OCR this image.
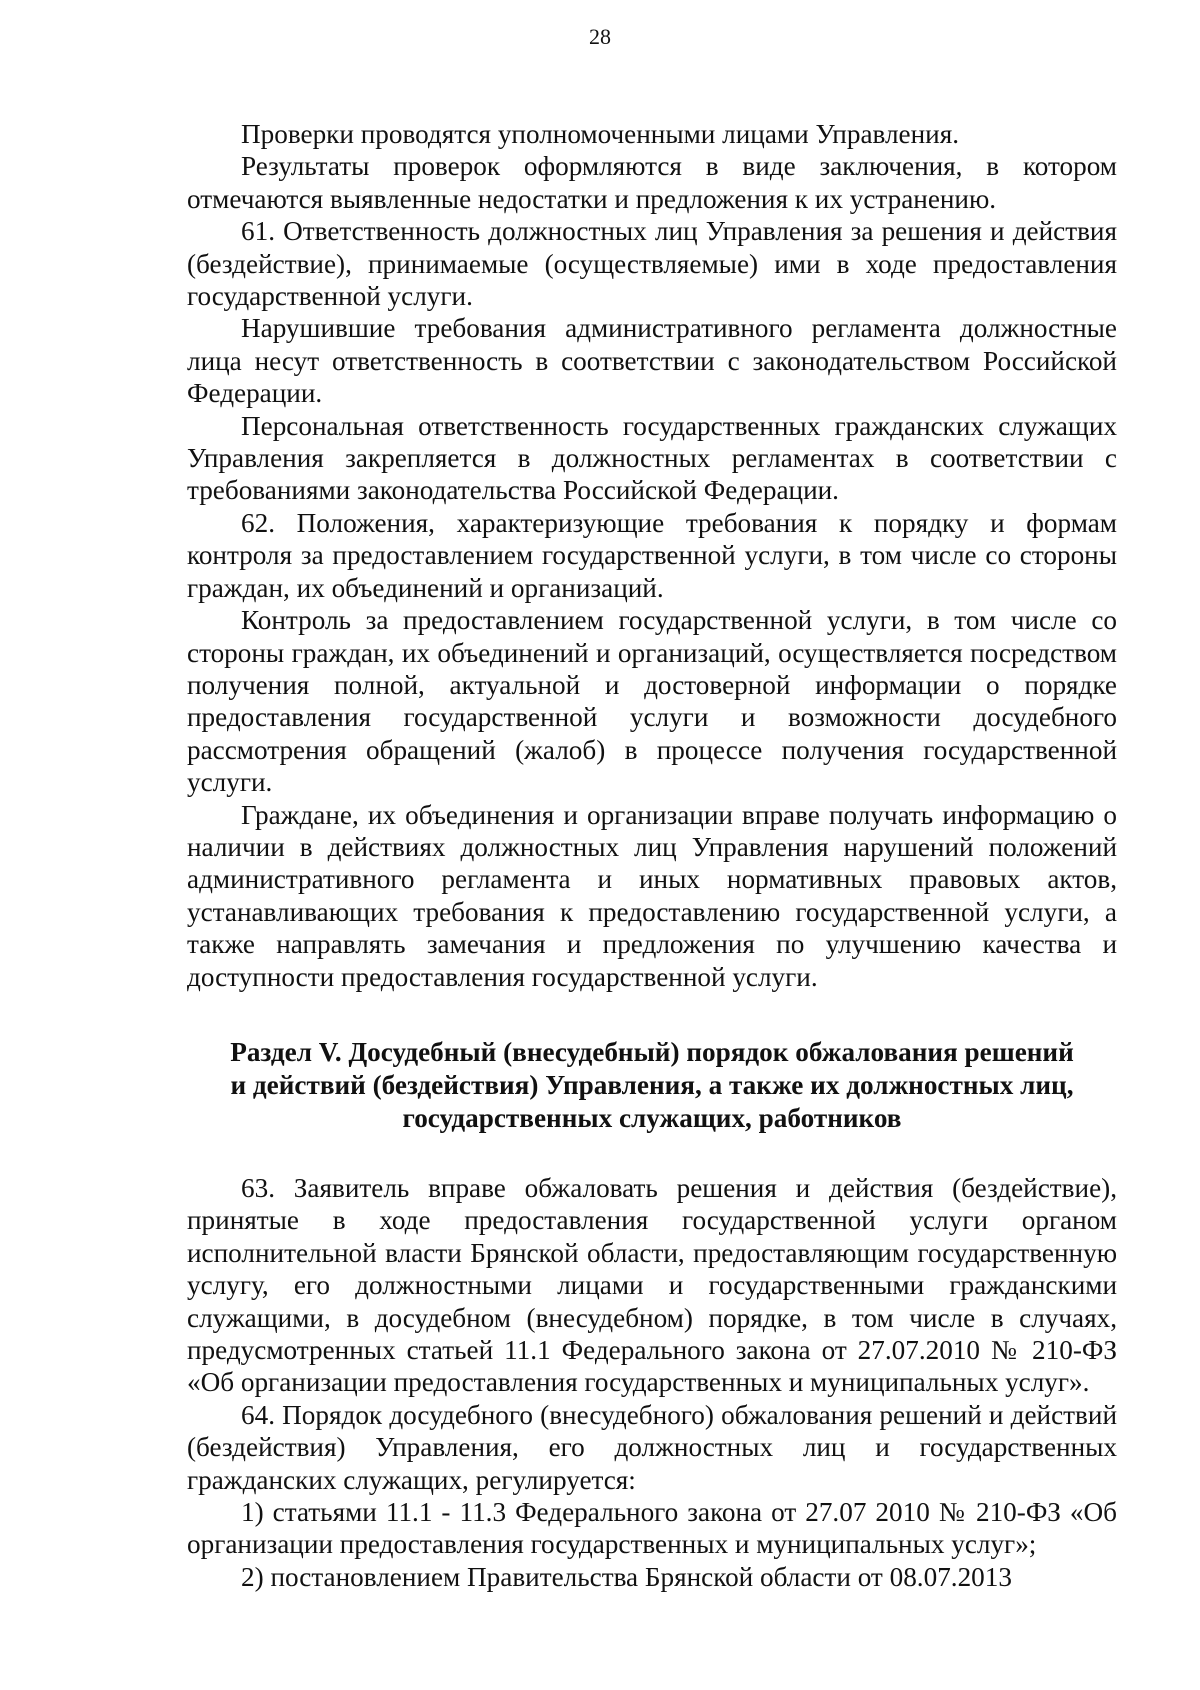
28

Проверки проводятся уполномоченными лицами Управления.

Результаты проверок оформляются в виде заключения, в котором отмечаются выявленные недостатки и предложения к их устранению.

61. Ответственность должностных лиц Управления за решения и действия (бездействие), принимаемые (осуществляемые) ими в ходе предоставления государственной услуги.

Нарушившие требования административного регламента должностные лица несут ответственность в соответствии с законодательством Российской Федерации.

Персональная ответственность государственных гражданских служащих Управления закрепляется в должностных регламентах в соответствии с требованиями законодательства Российской Федерации.

62. Положения, характеризующие требования к порядку и формам контроля за предоставлением государственной услуги, в том числе со стороны граждан, их объединений и организаций.

Контроль за предоставлением государственной услуги, в том числе со стороны граждан, их объединений и организаций, осуществляется посредством получения полной, актуальной и достоверной информации о порядке предоставления государственной услуги и возможности досудебного рассмотрения обращений (жалоб) в процессе получения государственной услуги.

Граждане, их объединения и организации вправе получать информацию о наличии в действиях должностных лиц Управления нарушений положений административного регламента и иных нормативных правовых актов, устанавливающих требования к предоставлению государственной услуги, а также направлять замечания и предложения по улучшению качества и доступности предоставления государственной услуги.

Раздел V. Досудебный (внесудебный) порядок обжалования решений
и действий (бездействия) Управления, а также их должностных лиц,
государственных служащих, работников

63. Заявитель вправе обжаловать решения и действия (бездействие), принятые в ходе предоставления государственной услуги органом исполнительной власти Брянской области, предоставляющим государственную услугу, его должностными лицами и государственными гражданскими служащими, в досудебном (внесудебном) порядке, в том числе в случаях, предусмотренных статьей 11.1 Федерального закона от 27.07.2010 № 210-ФЗ «Об организации предоставления государственных и муниципальных услуг».

64. Порядок досудебного (внесудебного) обжалования решений и действий (бездействия) Управления, его должностных лиц и государственных гражданских служащих, регулируется:

1) статьями 11.1 - 11.3 Федерального закона от 27.07 2010 № 210-ФЗ «Об организации предоставления государственных и муниципальных услуг»;

2) постановлением Правительства Брянской области от 08.07.2013
